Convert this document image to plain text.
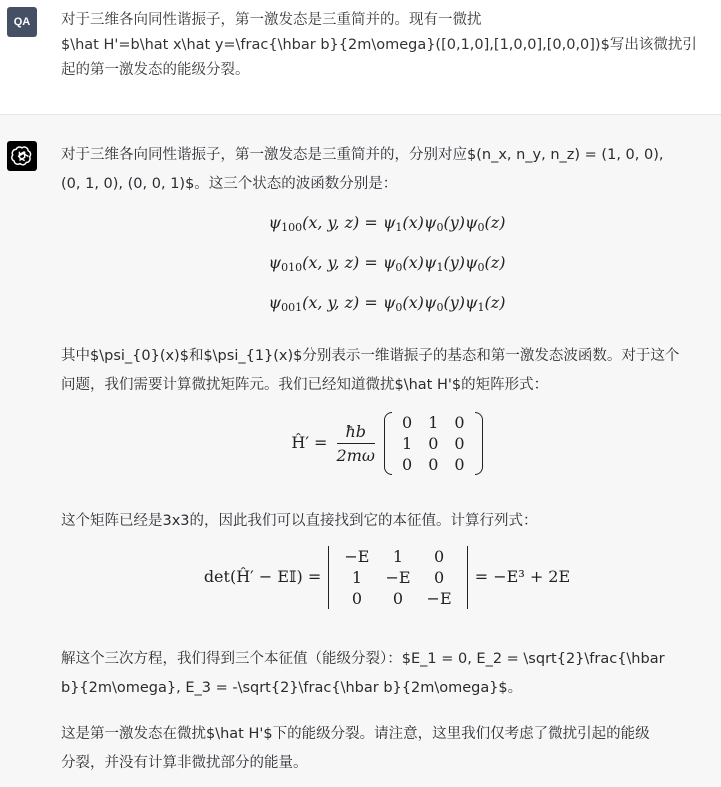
QA	对于三维各向同性谐振子，第一激发态是三重简并的。现有一微扰
$\hat H'=b\hat x\hat y=\frac{\hbar b}{2m\omega}([0,1,0],[1,0,0],[0,0,0])$写出该微扰引
起的第一激发态的能级分裂。
对于三维各向同性谐振子，第一激发态是三重简并的，分别对应$(n_x, n_y, n_z) = (1, 0, 0),
(0, 1, 0), (0, 0, 1)$。这三个状态的波函数分别是：
$\psi_{100}(x$, y, $z) = \psi_1(x)\psi_0(y)\psi_0(z)$
$\psi_{010}(x$, y, $z) = \psi_0(x)\psi_1(y)\psi_0(z)$
$\psi_{001}(x$, y, $z) = \psi_0(x)\psi_0(y)\psi_1(z)$
其中$\psi_{0}(x)$和$\psi_{1}(x)$分别表示一维谐振子的基态和第一激发态波函数。对于这个
问题，我们需要计算微扰矩阵元。我们已经知道微扰$\hat H'$的矩阵形式：
Ĥ′ = $\frac{ħb}{2m\omega}$
0	1	0
1	0	0
0	0	0
这个矩阵已经是3x3的，因此我们可以直接找到它的本征值。计算行列式：
det(Ĥ′ − E𝕀) =
−E	1	0
1	−E	0
0	0	−E
= −E³ + 2E
解这个三次方程，我们得到三个本征值（能级分裂）：$E_1 = 0, E_2 = \sqrt{2}\frac{\hbar
b}{2m\omega}, E_3 = -\sqrt{2}\frac{\hbar b}{2m\omega}$。
这是第一激发态在微扰$\hat H'$下的能级分裂。请注意，这里我们仅考虑了微扰引起的能级
分裂，并没有计算非微扰部分的能量。
